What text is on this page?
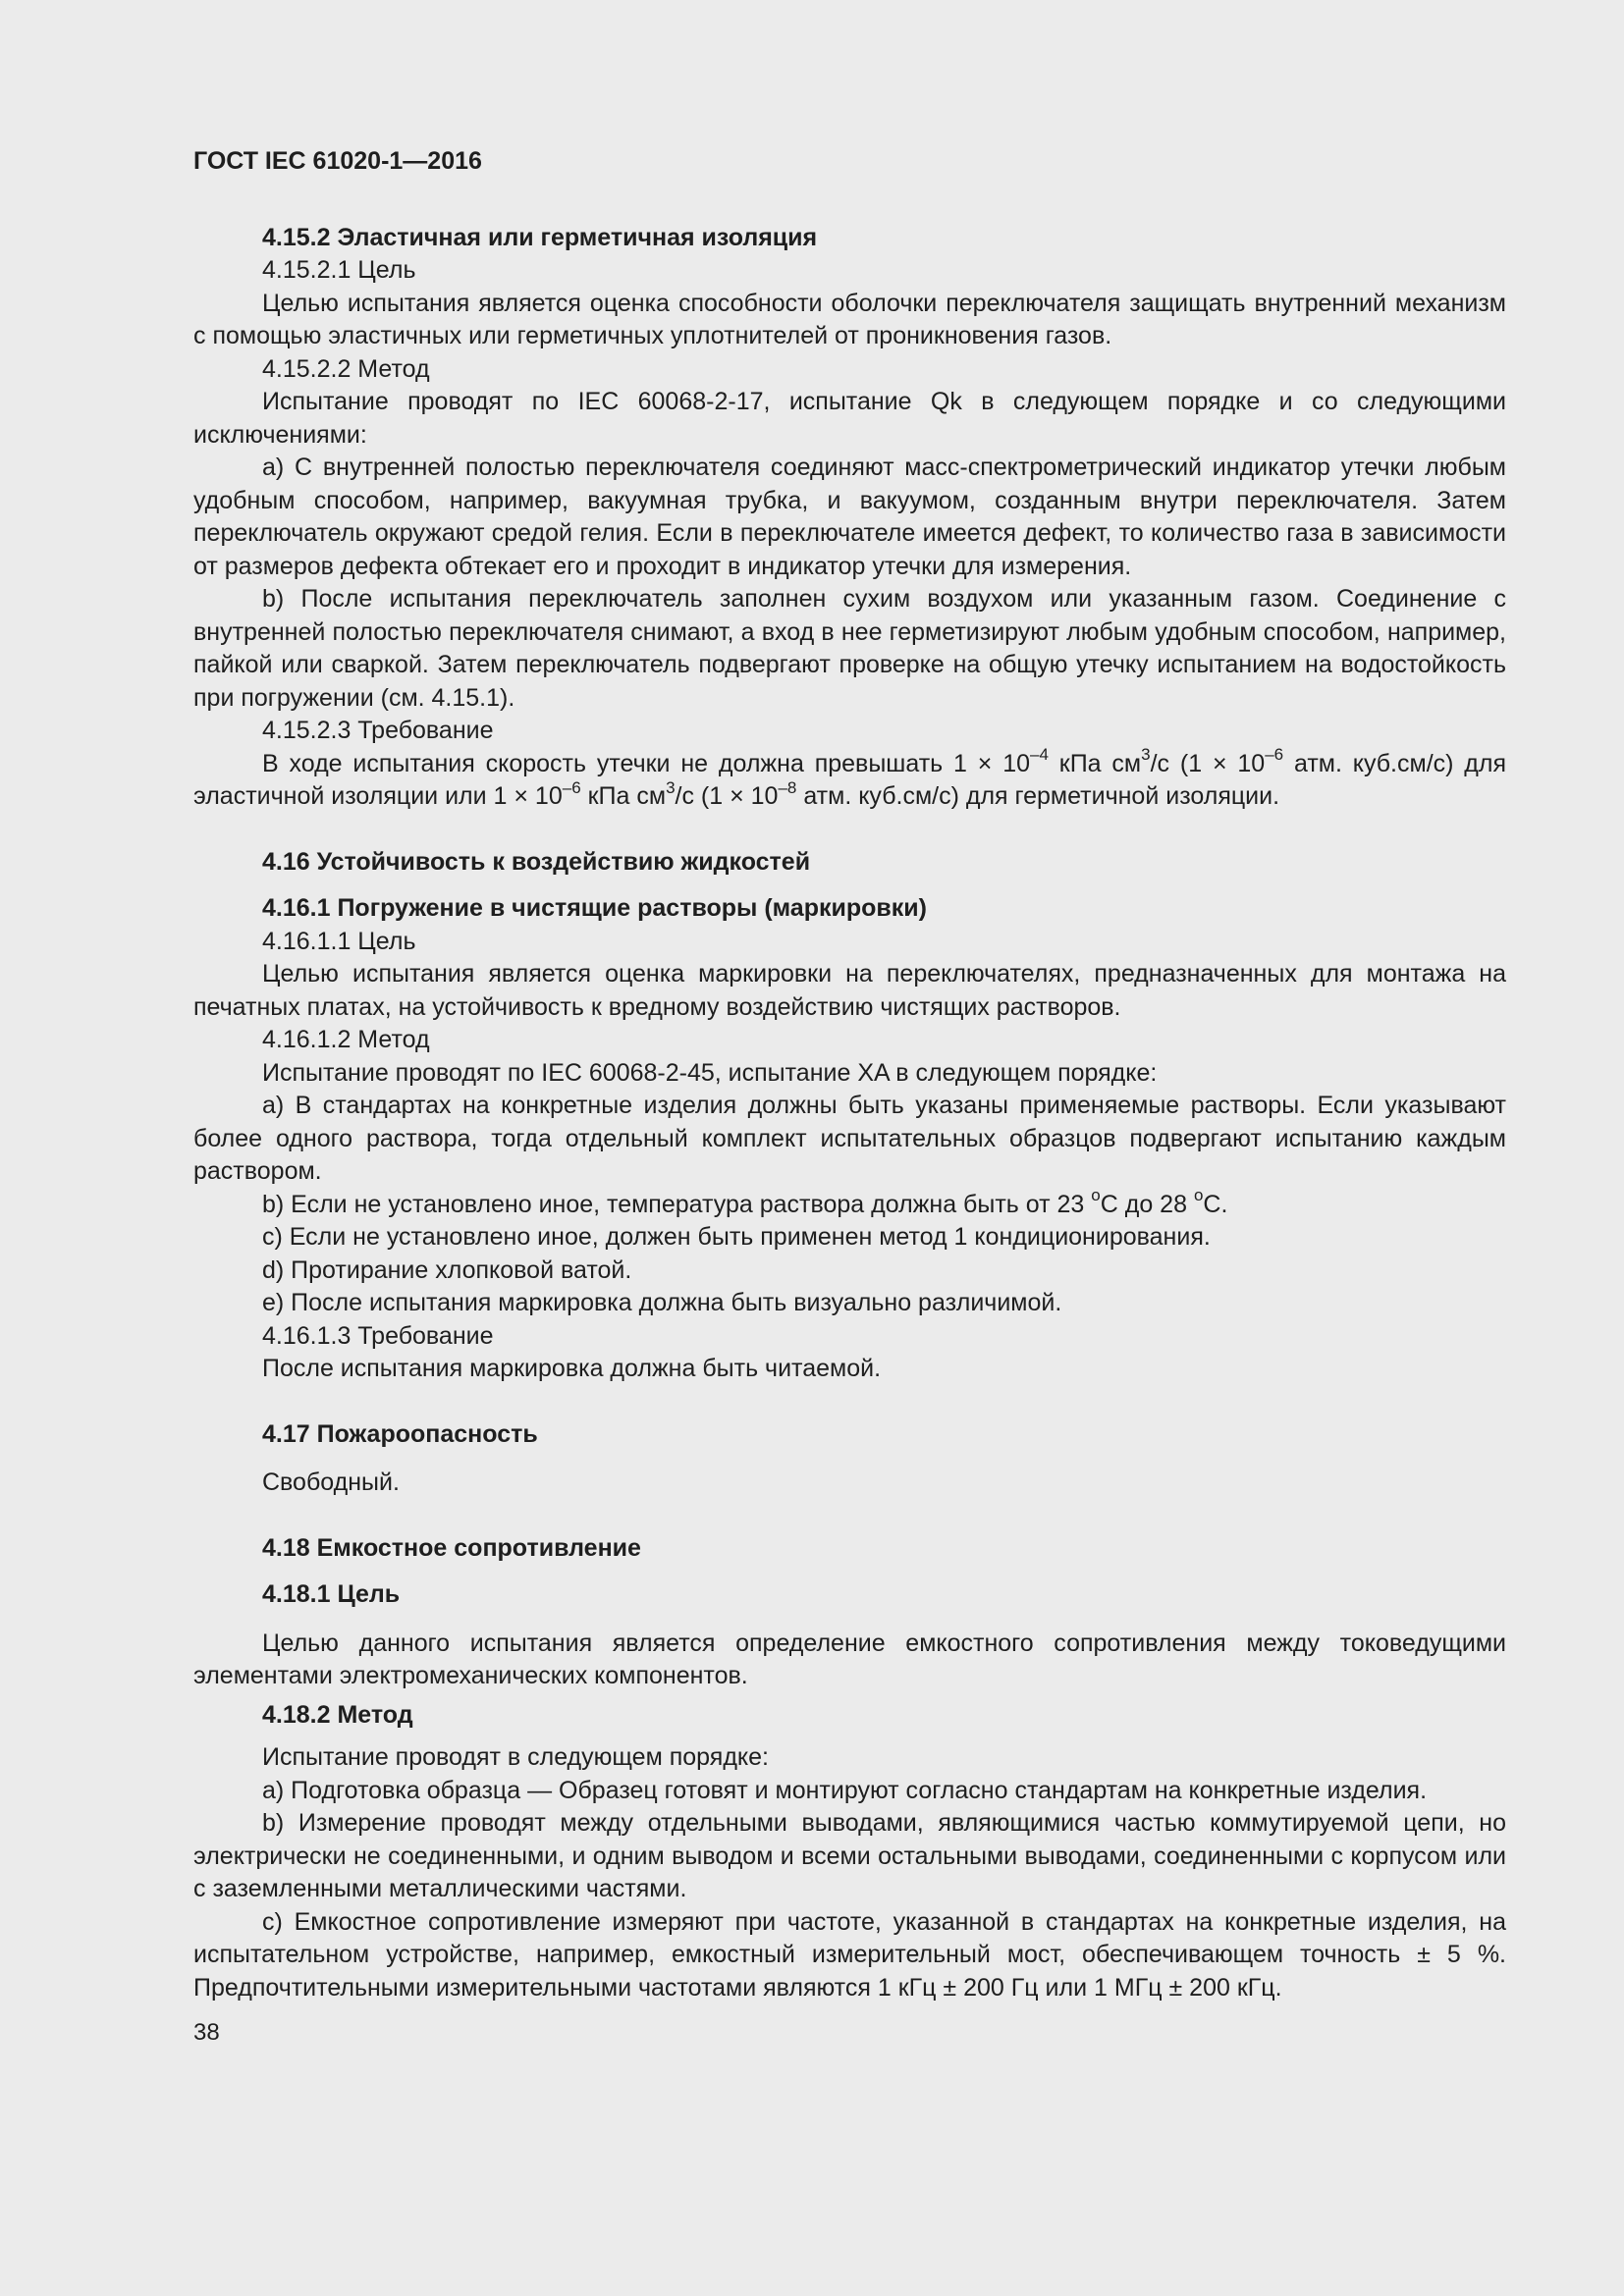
ГОСТ IEC 61020-1—2016
4.15.2 Эластичная или герметичная изоляция
4.15.2.1 Цель
Целью испытания является оценка способности оболочки переключателя защищать внутренний механизм с помощью эластичных или герметичных уплотнителей от проникновения газов.
4.15.2.2 Метод
Испытание проводят по IEC 60068-2-17, испытание Qk в следующем порядке и со следующими исключениями:
а) С внутренней полостью переключателя соединяют масс-спектрометрический индикатор утечки любым удобным способом, например, вакуумная трубка, и вакуумом, созданным внутри переключателя. Затем переключатель окружают средой гелия. Если в переключателе имеется дефект, то количество газа в зависимости от размеров дефекта обтекает его и проходит в индикатор утечки для измерения.
b) После испытания переключатель заполнен сухим воздухом или указанным газом. Соединение с внутренней полостью переключателя снимают, а вход в нее герметизируют любым удобным способом, например, пайкой или сваркой. Затем переключатель подвергают проверке на общую утечку испытанием на водостойкость при погружении (см. 4.15.1).
4.15.2.3 Требование
В ходе испытания скорость утечки не должна превышать $1 \times 10^{-4}$ кПа $см^3/с$ ($1 \times 10^{-6}$ атм. куб.см/с) для эластичной изоляции или $1 \times 10^{-6}$ кПа $см^3/с$ ($1 \times 10^{-8}$ атм. куб.см/с) для герметичной изоляции.
4.16 Устойчивость к воздействию жидкостей
4.16.1 Погружение в чистящие растворы (маркировки)
4.16.1.1 Цель
Целью испытания является оценка маркировки на переключателях, предназначенных для монтажа на печатных платах, на устойчивость к вредному воздействию чистящих растворов.
4.16.1.2 Метод
Испытание проводят по IEC 60068-2-45, испытание XA в следующем порядке:
а) В стандартах на конкретные изделия должны быть указаны применяемые растворы. Если указывают более одного раствора, тогда отдельный комплект испытательных образцов подвергают испытанию каждым раствором.
b) Если не установлено иное, температура раствора должна быть от 23 $^о$С до 28 $^о$С.
с) Если не установлено иное, должен быть применен метод 1 кондиционирования.
d) Протирание хлопковой ватой.
е) После испытания маркировка должна быть визуально различимой.
4.16.1.3 Требование
После испытания маркировка должна быть читаемой.
4.17 Пожароопасность
Свободный.
4.18 Емкостное сопротивление
4.18.1 Цель
Целью данного испытания является определение емкостного сопротивления между токоведущими элементами электромеханических компонентов.
4.18.2 Метод
Испытание проводят в следующем порядке:
а) Подготовка образца — Образец готовят и монтируют согласно стандартам на конкретные изделия.
b) Измерение проводят между отдельными выводами, являющимися частью коммутируемой цепи, но электрически не соединенными, и одним выводом и всеми остальными выводами, соединенными с корпусом или с заземленными металлическими частями.
с) Емкостное сопротивление измеряют при частоте, указанной в стандартах на конкретные изделия, на испытательном устройстве, например, емкостный измерительный мост, обеспечивающем точность ± 5 %. Предпочтительными измерительными частотами являются 1 кГц ± 200 Гц или 1 МГц ± 200 кГц.
38
